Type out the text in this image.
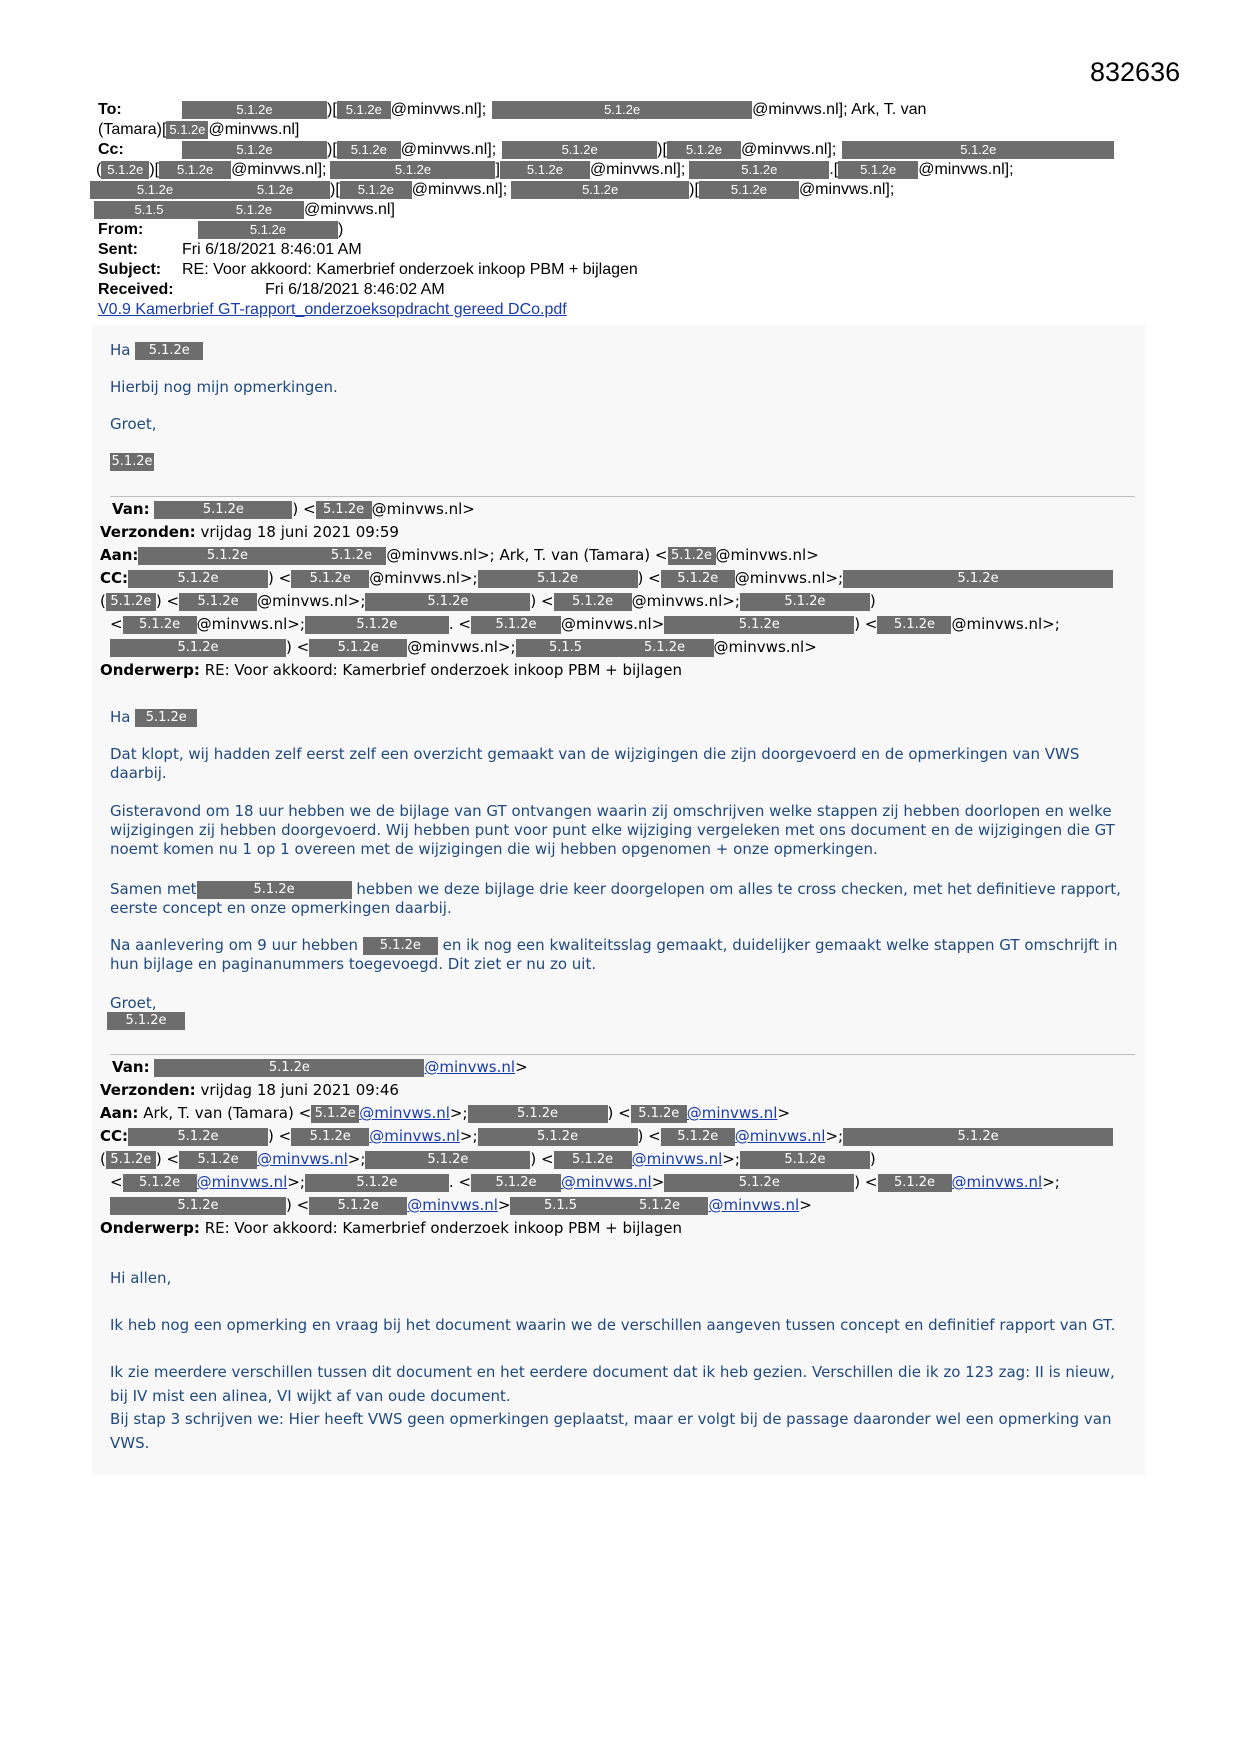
832636
To:	5.1.2e	)[ 5.1.2e @minvws.nl];	5.1.2e	@minvws.nl]; Ark, T. van
(Tamara)[ 5.1.2e @minvws.nl]
Cc:	5.1.2e	)[ 5.1.2e @minvws.nl];	5.1.2e	)[ 5.1.2e @minvws.nl];	5.1.2e
( 5.1.2e )[ 5.1.2e @minvws.nl];	5.1.2e	] 5.1.2e @minvws.nl];	5.1.2e	.[ 5.1.2e @minvws.nl];
5.1.2e	5.1.2e )[ 5.1.2e @minvws.nl];	5.1.2e	)[ 5.1.2e @minvws.nl];
5.1.5	5.1.2e @minvws.nl]
From:	5.1.2e	)
Sent:	Fri 6/18/2021 8:46:01 AM
Subject: RE: Voor akkoord: Kamerbrief onderzoek inkoop PBM + bijlagen
Received:	Fri 6/18/2021 8:46:02 AM
V0.9 Kamerbrief GT-rapport_onderzoeksopdracht gereed DCo.pdf
Ha 5.1.2e
Hierbij nog mijn opmerkingen.
Groet,
5.1.2e
Van:	5.1.2e	) < 5.1.2e @minvws.nl>
Verzonden: vrijdag 18 juni 2021 09:59
Aan:	5.1.2e	5.1.2e @minvws.nl>; Ark, T. van (Tamara) < 5.1.2e @minvws.nl>
CC:	5.1.2e	) < 5.1.2e @minvws.nl>;	5.1.2e	) < 5.1.2e @minvws.nl>;	5.1.2e
( 5.1.2e ) < 5.1.2e @minvws.nl>;	5.1.2e	) < 5.1.2e @minvws.nl>;	5.1.2e	)
< 5.1.2e @minvws.nl>;	5.1.2e	. < 5.1.2e @minvws.nl>	5.1.2e	) < 5.1.2e @minvws.nl>;
5.1.2e	) < 5.1.2e @minvws.nl>;	5.1.5	5.1.2e @minvws.nl>
Onderwerp: RE: Voor akkoord: Kamerbrief onderzoek inkoop PBM + bijlagen
Ha 5.1.2e
Dat klopt, wij hadden zelf eerst zelf een overzicht gemaakt van de wijzigingen die zijn doorgevoerd en de opmerkingen van VWS daarbij.
Gisteravond om 18 uur hebben we de bijlage van GT ontvangen waarin zij omschrijven welke stappen zij hebben doorlopen en welke wijzigingen zij hebben doorgevoerd. Wij hebben punt voor punt elke wijziging vergeleken met ons document en de wijzigingen die GT noemt komen nu 1 op 1 overeen met de wijzigingen die wij hebben opgenomen + onze opmerkingen.
Samen met	5.1.2e	hebben we deze bijlage drie keer doorgelopen om alles te cross checken, met het definitieve rapport, eerste concept en onze opmerkingen daarbij.
Na aanlevering om 9 uur hebben 5.1.2e en ik nog een kwaliteitsslag gemaakt, duidelijker gemaakt welke stappen GT omschrijft in hun bijlage en paginanummers toegevoegd. Dit ziet er nu zo uit.
Groet,
5.1.2e
Van:	5.1.2e	@minvws.nl>
Verzonden: vrijdag 18 juni 2021 09:46
Aan: Ark, T. van (Tamara) < 5.1.2e @minvws.nl>;	5.1.2e	) < 5.1.2e @minvws.nl>
CC:	5.1.2e	) < 5.1.2e @minvws.nl>;	5.1.2e	) < 5.1.2e @minvws.nl>;	5.1.2e
( 5.1.2e ) < 5.1.2e @minvws.nl>;	5.1.2e	) < 5.1.2e @minvws.nl>;	5.1.2e	)
< 5.1.2e @minvws.nl>;	5.1.2e	. < 5.1.2e @minvws.nl>	5.1.2e	) < 5.1.2e @minvws.nl>;
5.1.2e	) < 5.1.2e @minvws.nl>	5.1.5	5.1.2e @minvws.nl>
Onderwerp: RE: Voor akkoord: Kamerbrief onderzoek inkoop PBM + bijlagen
Hi allen,
Ik heb nog een opmerking en vraag bij het document waarin we de verschillen aangeven tussen concept en definitief rapport van GT.
Ik zie meerdere verschillen tussen dit document en het eerdere document dat ik heb gezien. Verschillen die ik zo 123 zag: II is nieuw, bij IV mist een alinea, VI wijkt af van oude document.
Bij stap 3 schrijven we: Hier heeft VWS geen opmerkingen geplaatst, maar er volgt bij de passage daaronder wel een opmerking van VWS.
